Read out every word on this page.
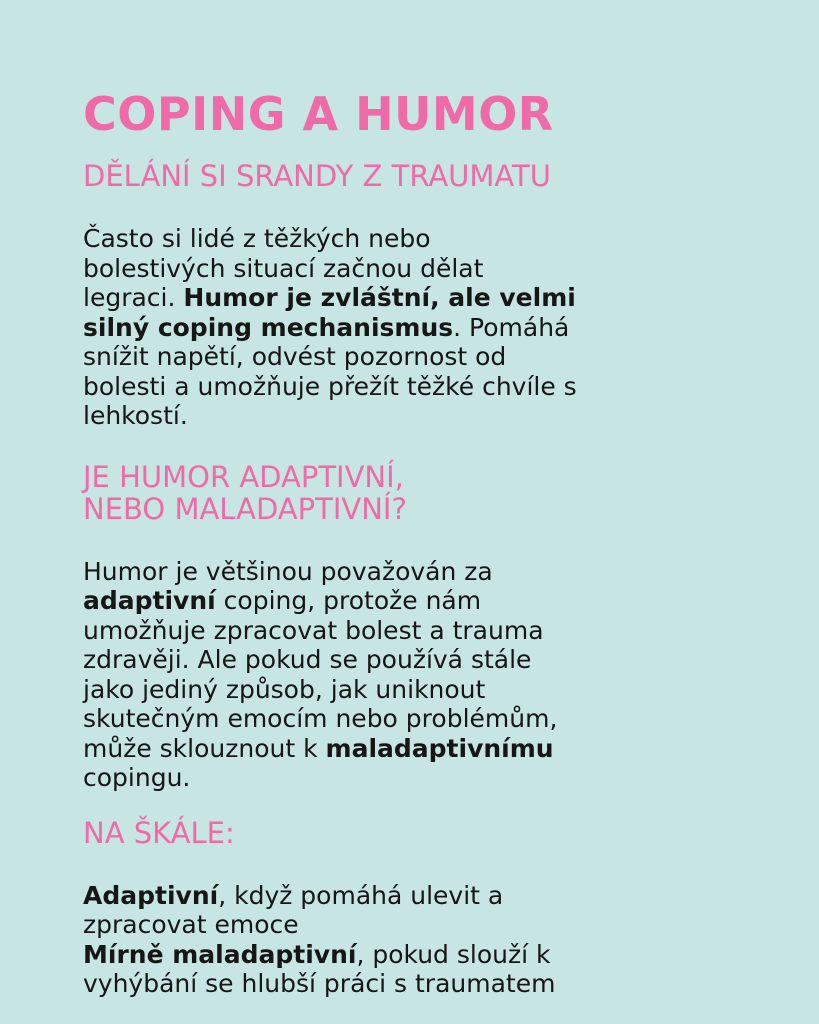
COPING A HUMOR
DĚLÁNÍ SI SRANDY Z TRAUMATU

Často si lidé z těžkých nebo
bolestivých situací začnou dělat
legraci. Humor je zvláštní, ale velmi
silný coping mechanismus. Pomáhá
snížit napětí, odvést pozornost od
bolesti a umožňuje přežít těžké chvíle s
lehkostí.

JE HUMOR ADAPTIVNÍ,
NEBO MALADAPTIVNÍ?

Humor je většinou považován za
adaptivní coping, protože nám
umožňuje zpracovat bolest a trauma
zdravěji. Ale pokud se používá stále
jako jediný způsob, jak uniknout
skutečným emocím nebo problémům,
může sklouznout k maladaptivnímu
copingu.

NA ŠKÁLE:

Adaptivní, když pomáhá ulevit a
zpracovat emoce
Mírně maladaptivní, pokud slouží k
vyhýbání se hlubší práci s traumatem
